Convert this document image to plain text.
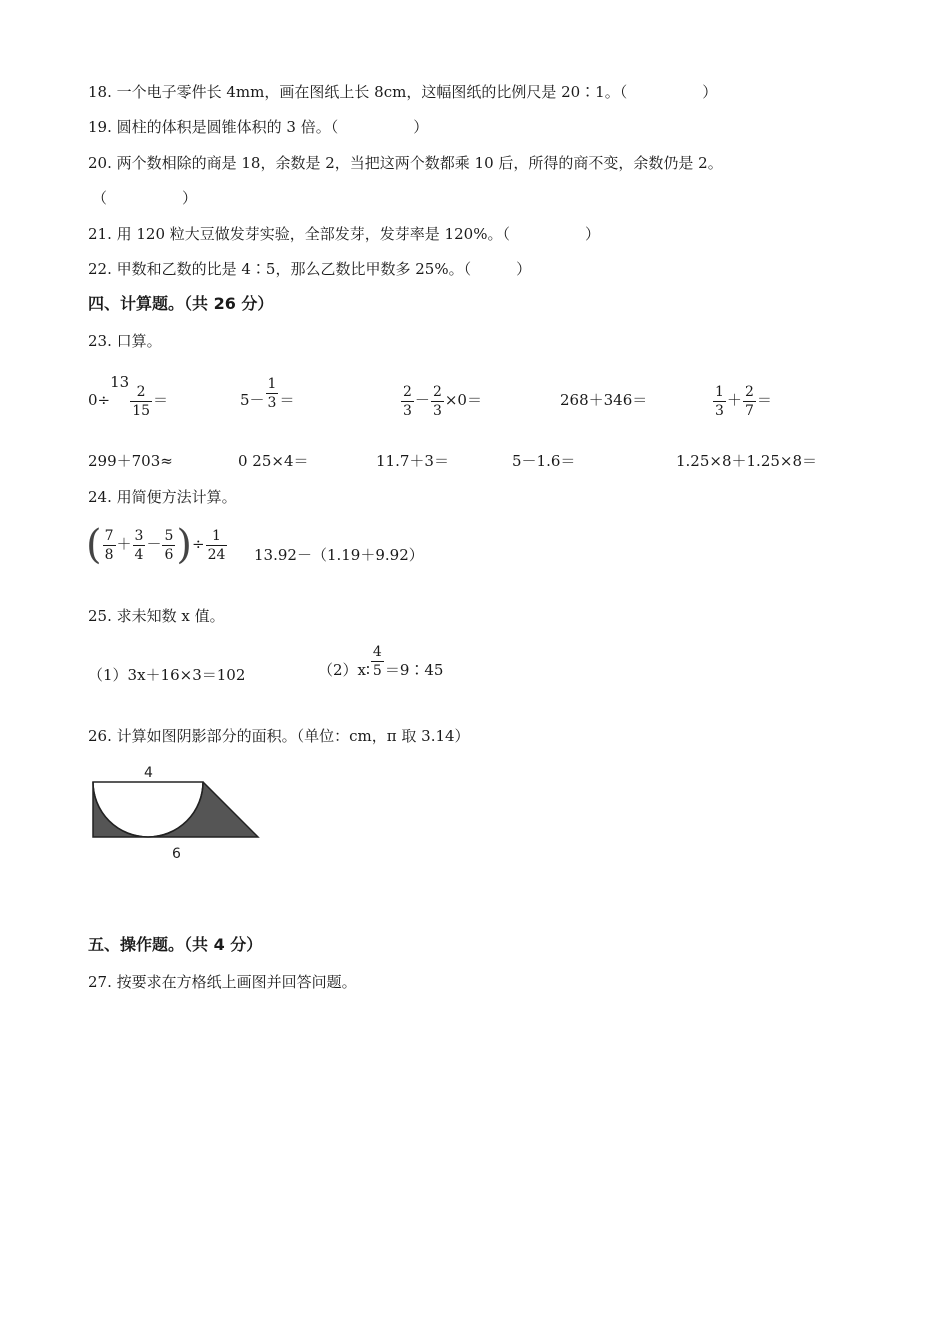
18. 一个电子零件长 4mm，画在图纸上长 8cm，这幅图纸的比例尺是 20∶1。（　　　　　）
19. 圆柱的体积是圆锥体积的 3 倍。（　　　　　）
20. 两个数相除的商是 18，余数是 2，当把这两个数都乘 10 后，所得的商不变，余数仍是 2。
（　　　　　）
21. 用 120 粒大豆做发芽实验，全部发芽，发芽率是 120%。（　　　　　）
22. 甲数和乙数的比是 4∶5，那么乙数比甲数多 25%。（　　　）
四、计算题。（共 26 分）
23. 口算。
0÷13
$\frac{2}{15}$ ＝	$5- \frac{1}{3}$ ＝	$\frac{2}{3} - \frac{2}{3} \times 0=$	268＋346＝	$\frac{1}{3} + \frac{2}{7}$ ＝
299＋703≈	0 25×4＝	11.7＋3＝	5－1.6＝	1.25×8＋1.25×8＝
24. 用简便方法计算。
( $\frac{7}{8} + \frac{3}{4} - \frac{5}{6}$ )÷ $\frac{1}{24} 13.92-(1.19+9.92)$
25. 求未知数 x 值。
（1）3x＋16×3＝102	（2）x∶ $\frac{4}{5}$ ＝9∶45
26. 计算如图阴影部分的面积。（单位：cm，π 取 3.14）
4
6
五、操作题。（共 4 分）
27. 按要求在方格纸上画图并回答问题。
